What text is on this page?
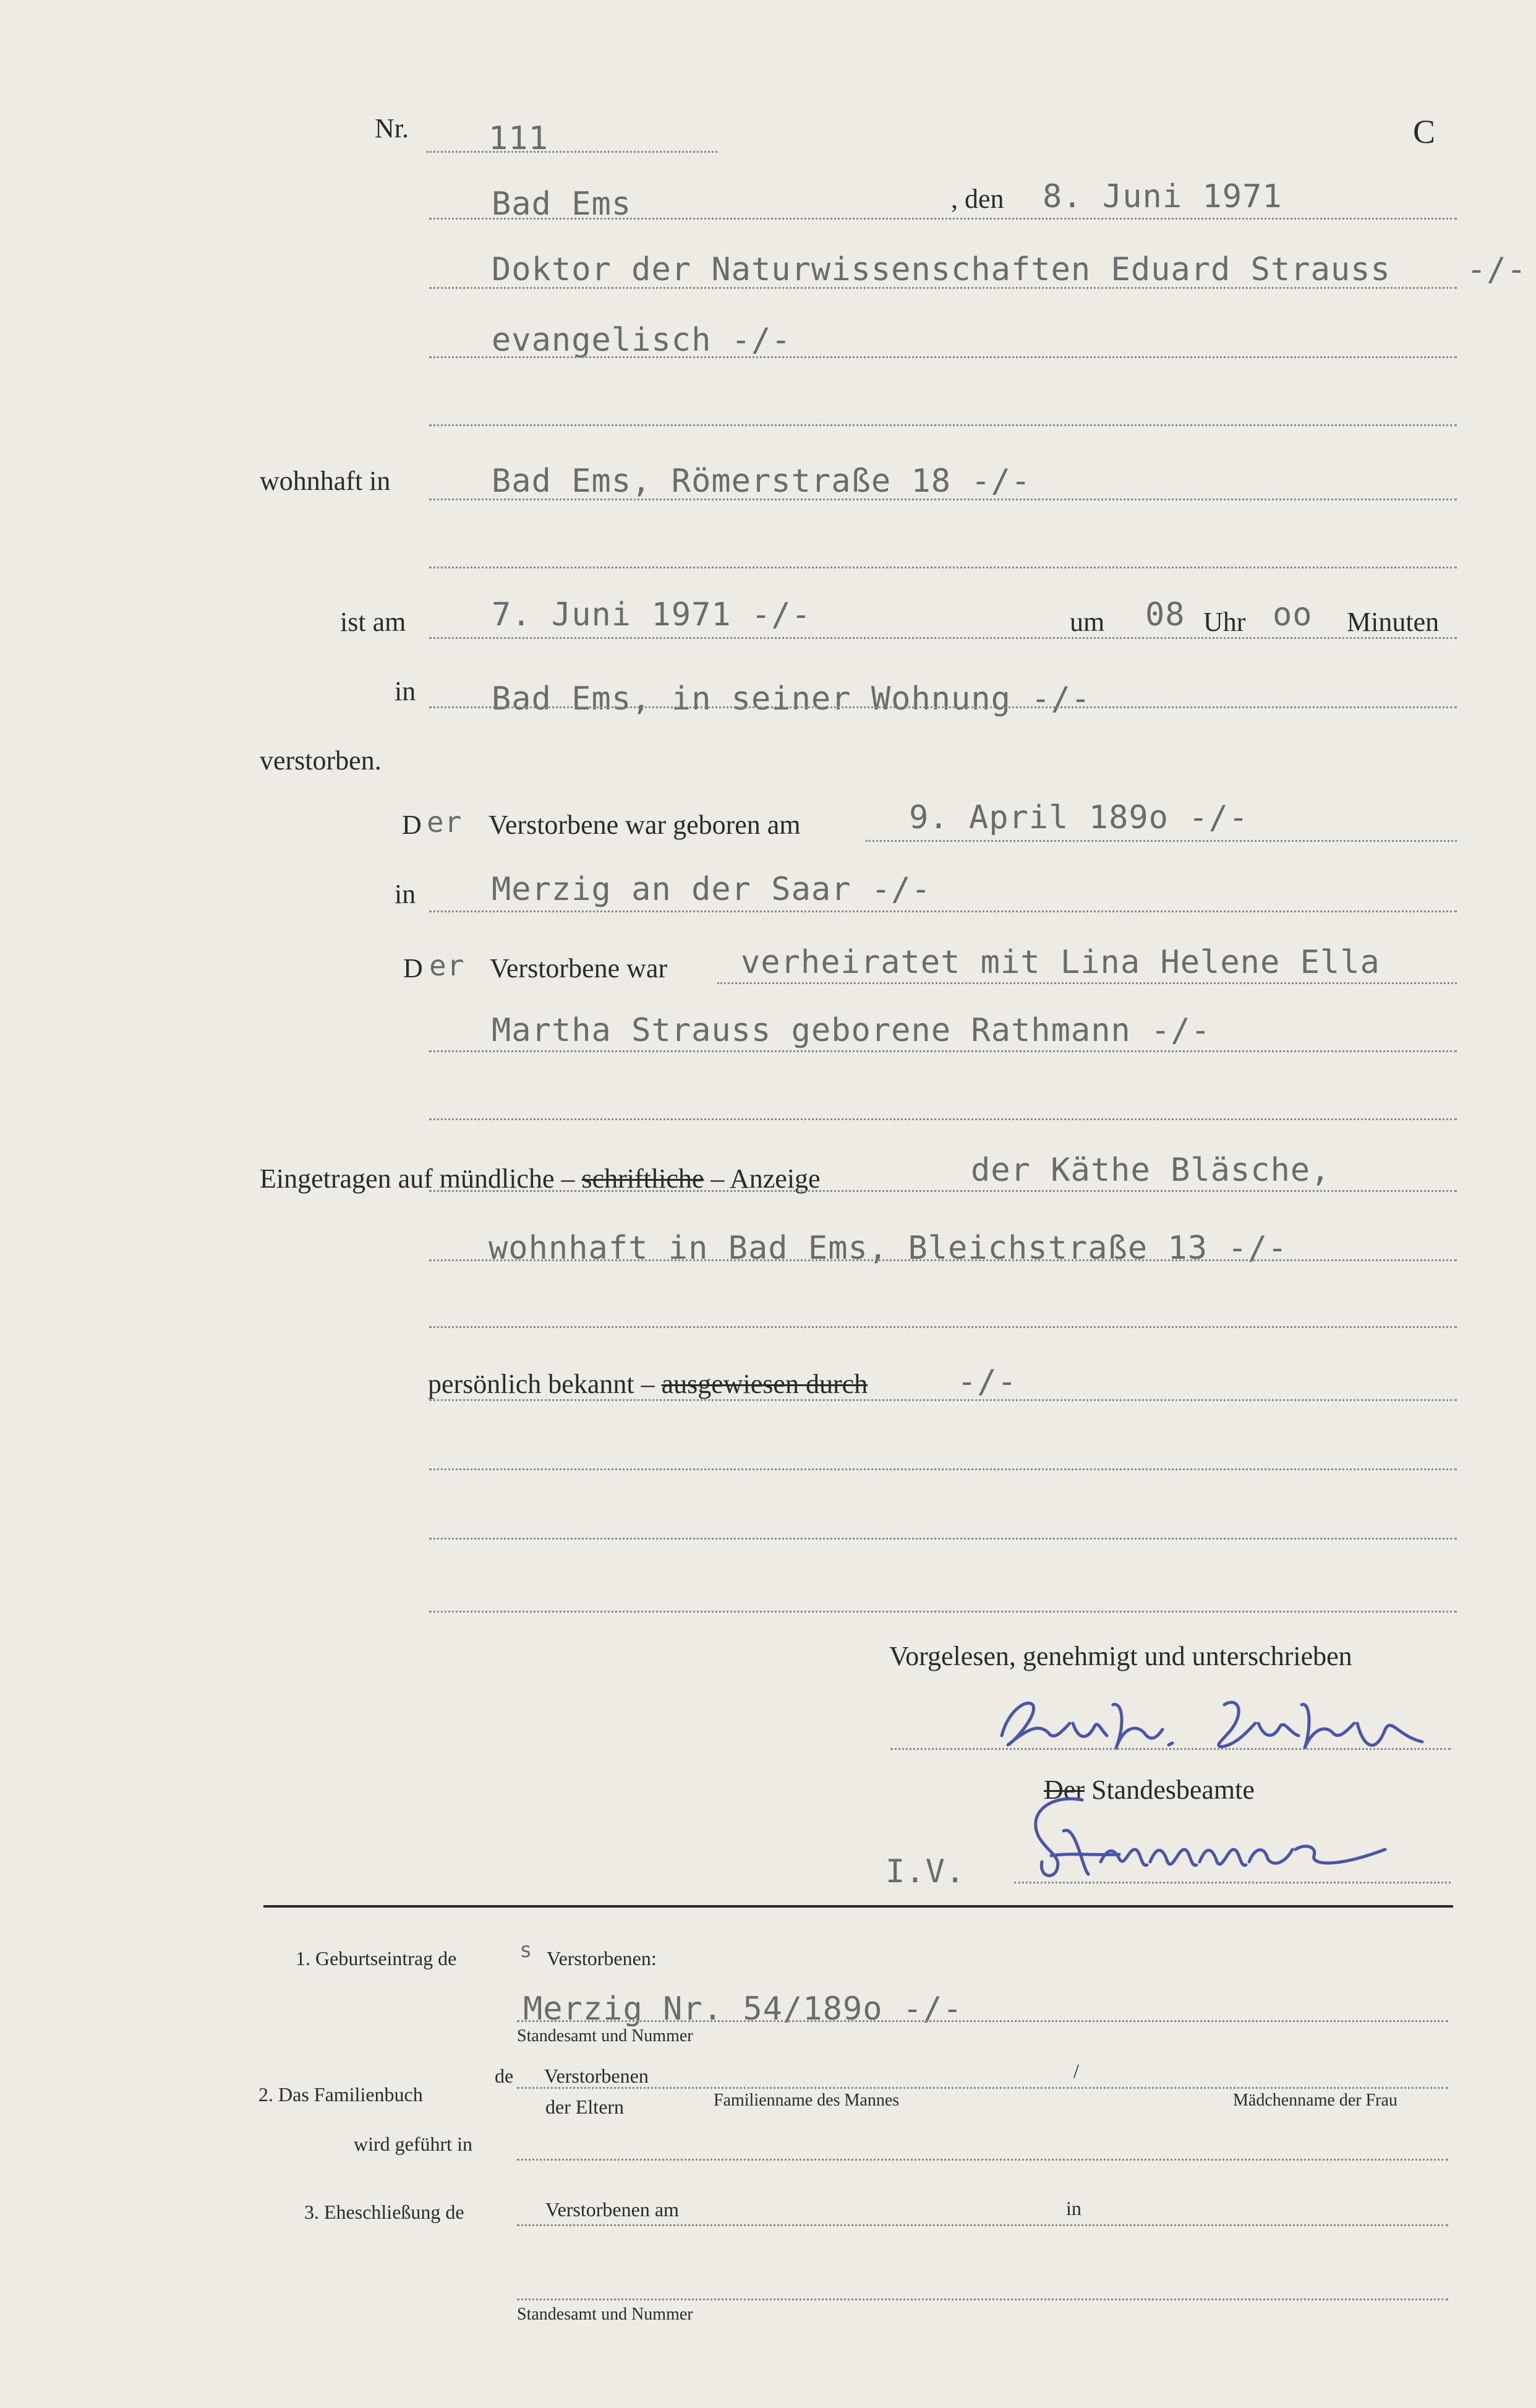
Nr. 111	C
Bad Ems	, den 8. Juni 1971
Doktor der Naturwissenschaften Eduard Strauss -/-
evangelisch -/-
wohnhaft in	Bad Ems, Römerstraße 18 -/-
ist am	7. Juni 1971 -/-	um 08 Uhr oo Minuten
in Bad Ems, in seiner Wohnung -/-
verstorben.
D er Verstorbene war geboren am	9. April 189o -/-
in Merzig an der Saar -/-
D er Verstorbene war verheiratet mit Lina Helene Ella
Martha Strauss geborene Rathmann -/-
Eingetragen auf mündliche – schriftliche – Anzeige	der Käthe Bläsche,
wohnhaft in Bad Ems, Bleichstraße 13 -/-
persönlich bekannt – ausgewiesen durch	-/-
Vorgelesen, genehmigt und unterschrieben
Der Standesbeamte
I.V.
1. Geburtseintrag de	s Verstorbenen:
Merzig Nr. 54/189o -/-
Standesamt und Nummer
de Verstorbenen	/
2. Das Familienbuch
der Eltern	Familienname des Mannes	Mädchenname der Frau
wird geführt in
3. Eheschließung de	Verstorbenen am	in
Standesamt und Nummer
